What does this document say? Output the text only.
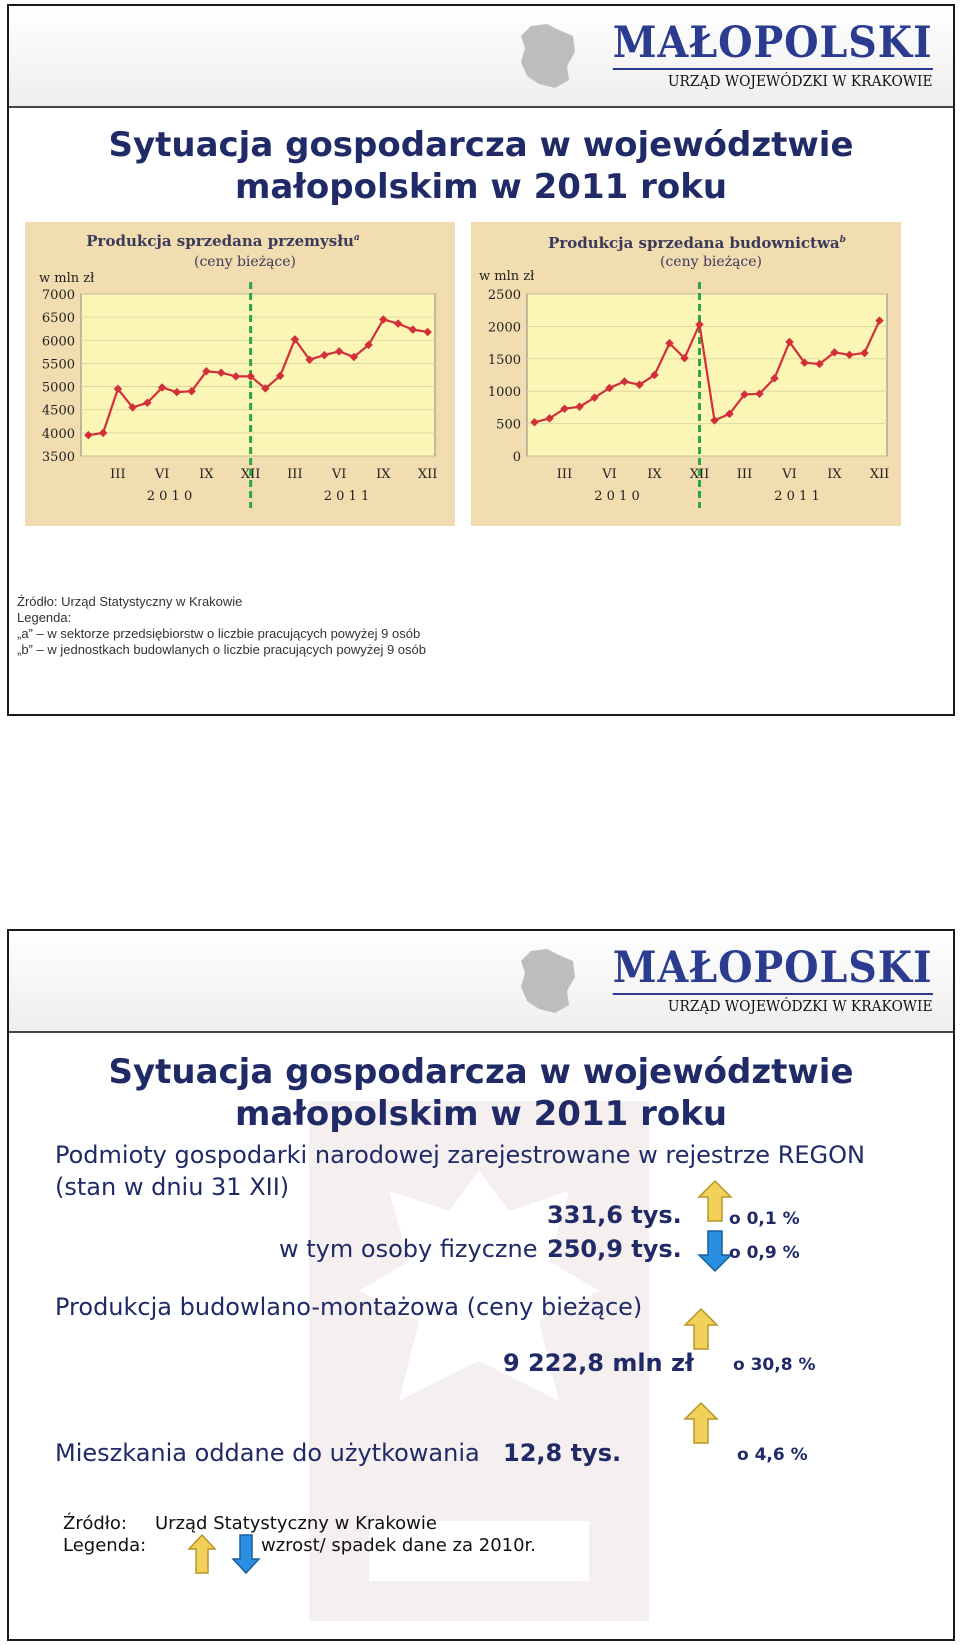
MAŁOPOLSKI
URZĄD WOJEWÓDZKI W KRAKOWIE
Sytuacja gospodarcza w województwie
małopolskim w 2011 roku
Produkcja sprzedana przemysłu$^a$
(ceny bieżące)
w mln zł
3500
4000
4500
5000
5500
6000
6500
7000
III VI IX XII III VI IX XII
2 0 1 0	2 0 1 1
Produkcja sprzedana budownictwa$^b$
(ceny bieżące)
w mln zł
0
500
1000
1500
2000
2500
III VI IX XII III VI IX XII
2 0 1 0	2 0 1 1
Źródło: Urząd Statystyczny w Krakowie
Legenda:
„a” – w sektorze przedsiębiorstw o liczbie pracujących powyżej 9 osób
„b” – w jednostkach budowlanych o liczbie pracujących powyżej 9 osób
MAŁOPOLSKI
URZĄD WOJEWÓDZKI W KRAKOWIE
Sytuacja gospodarcza w województwie
małopolskim w 2011 roku
Podmioty gospodarki narodowej zarejestrowane w rejestrze REGON
(stan w dniu 31 XII)
331,6 tys.	o 0,1 %
w tym osoby fizyczne 250,9 tys.	o 0,9 %
Produkcja budowlano-montażowa (ceny bieżące)
9 222,8 mln zł o 30,8 %
Mieszkania oddane do użytkowania 12,8 tys.	o 4,6 %
Źródło: Urząd Statystyczny w Krakowie
Legenda:	wzrost/ spadek dane za 2010r.
